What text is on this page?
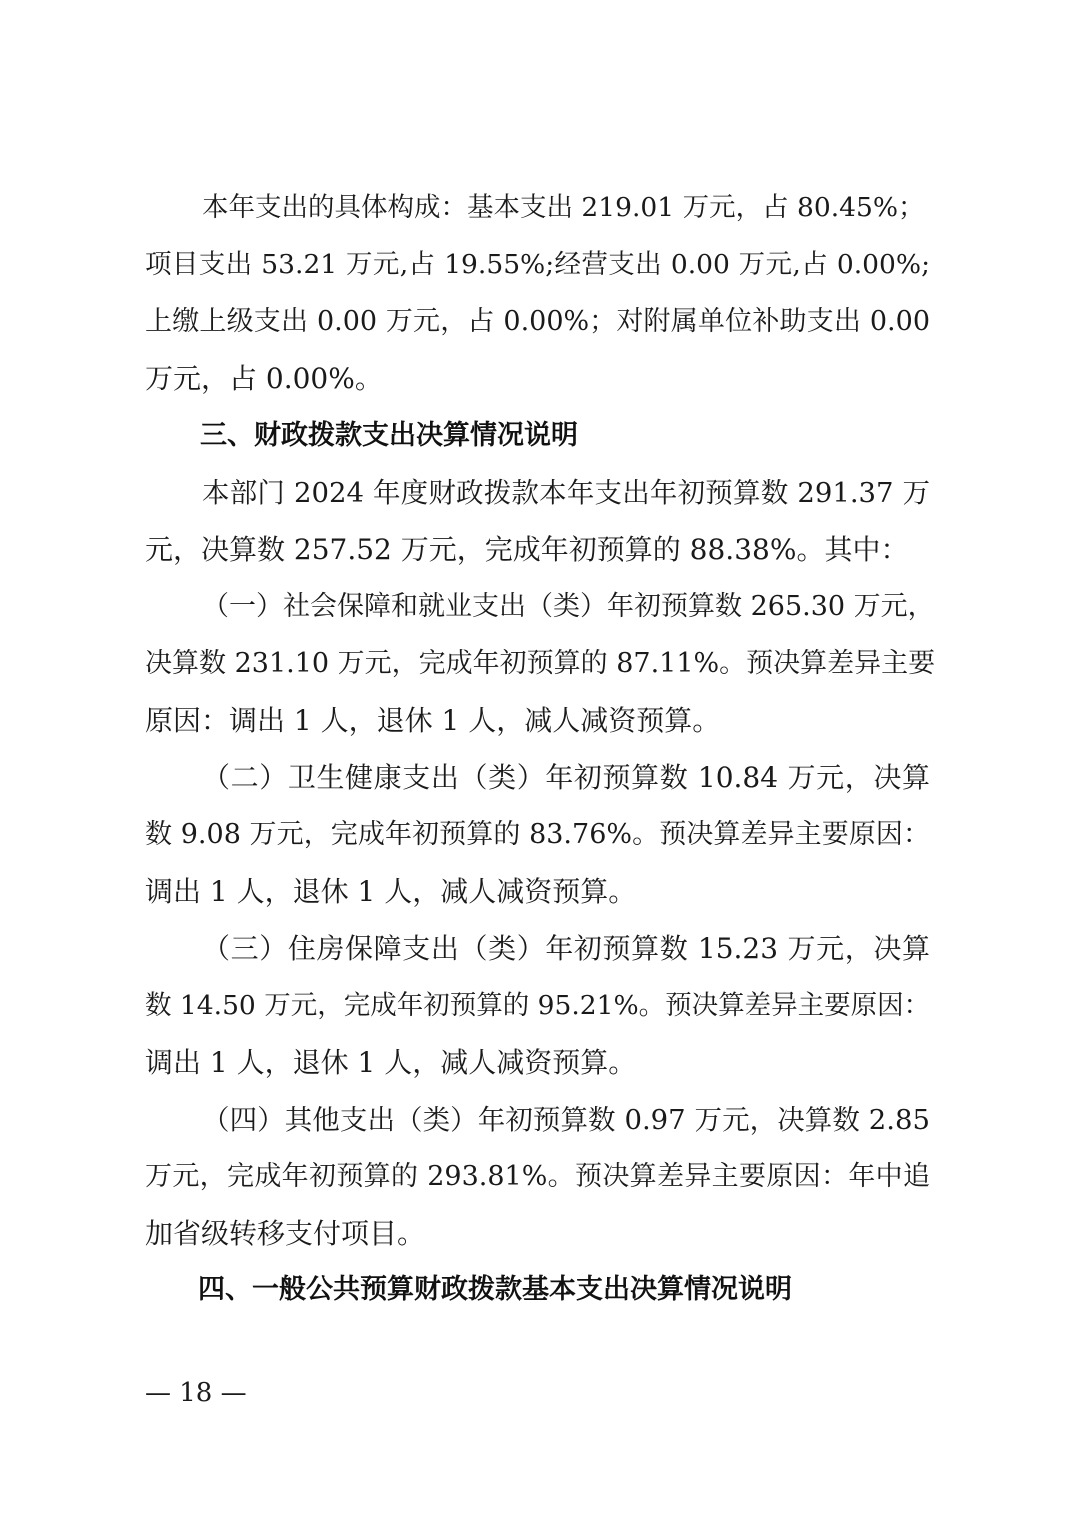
本年支出的具体构成：基本支出 219.01 万元，占 80.45%；
项目支出 53.21 万元,占 19.55%;经营支出 0.00 万元,占 0.00%;
上缴上级支出 0.00 万元，占 0.00%；对附属单位补助支出 0.00
万元，占 0.00%。
三、财政拨款支出决算情况说明
本部门 2024 年度财政拨款本年支出年初预算数 291.37 万
元，决算数 257.52 万元，完成年初预算的 88.38%。其中：
（一）社会保障和就业支出（类）年初预算数 265.30 万元，
决算数 231.10 万元，完成年初预算的 87.11%。预决算差异主要
原因：调出 1 人，退休 1 人，减人减资预算。
（二）卫生健康支出（类）年初预算数 10.84 万元，决算
数 9.08 万元，完成年初预算的 83.76%。预决算差异主要原因：
调出 1 人，退休 1 人，减人减资预算。
（三）住房保障支出（类）年初预算数 15.23 万元，决算
数 14.50 万元，完成年初预算的 95.21%。预决算差异主要原因：
调出 1 人，退休 1 人，减人减资预算。
（四）其他支出（类）年初预算数 0.97 万元，决算数 2.85
万元，完成年初预算的 293.81%。预决算差异主要原因：年中追
加省级转移支付项目。
四、一般公共预算财政拨款基本支出决算情况说明
— 18 —
